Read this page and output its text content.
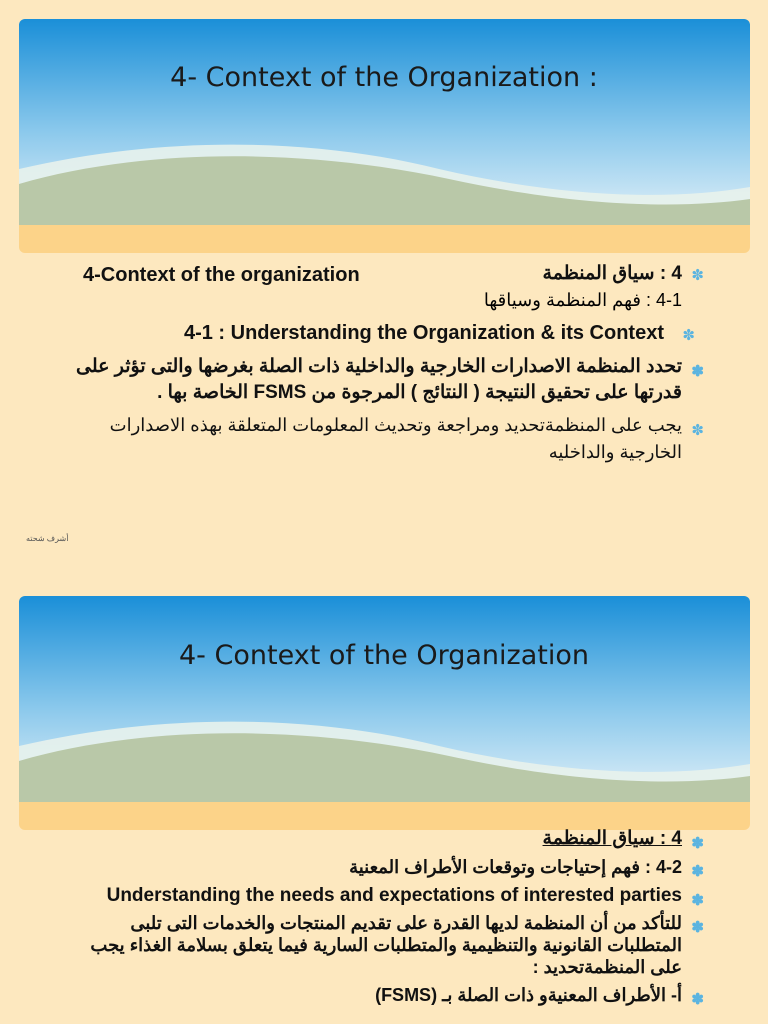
4- Context of the Organization :
✽
4-Context of the organization	4 : سياق المنظمة
4-1 : فهم المنظمة وسياقها
✽
4-1 : Understanding the Organization & its Context
✽
تحدد المنظمة الاصدارات الخارجية والداخلية ذات الصلة بغرضها والتى تؤثر على قدرتها على تحقيق النتيجة ( النتائج ) المرجوة من FSMS الخاصة بها .
✽
يجب على المنظمةتحديد ومراجعة وتحديث المعلومات المتعلقة بهذه الاصدارات الخارجية والداخليه
أشرف شحته
4- Context of the Organization
✽
4 : سياق المنظمة
✽
4-2 : فهم إحتياجات وتوقعات الأطراف المعنية
✽
Understanding the needs and expectations of interested parties
✽
للتأكد من أن المنظمة لديها القدرة على تقديم المنتجات والخدمات التى تلبى المتطلبات القانونية والتنظيمية والمتطلبات السارية فيما يتعلق بسلامة الغذاء يجب على المنظمةتحديد :
✽
أ- الأطراف المعنيةو ذات الصلة بـ (FSMS)
